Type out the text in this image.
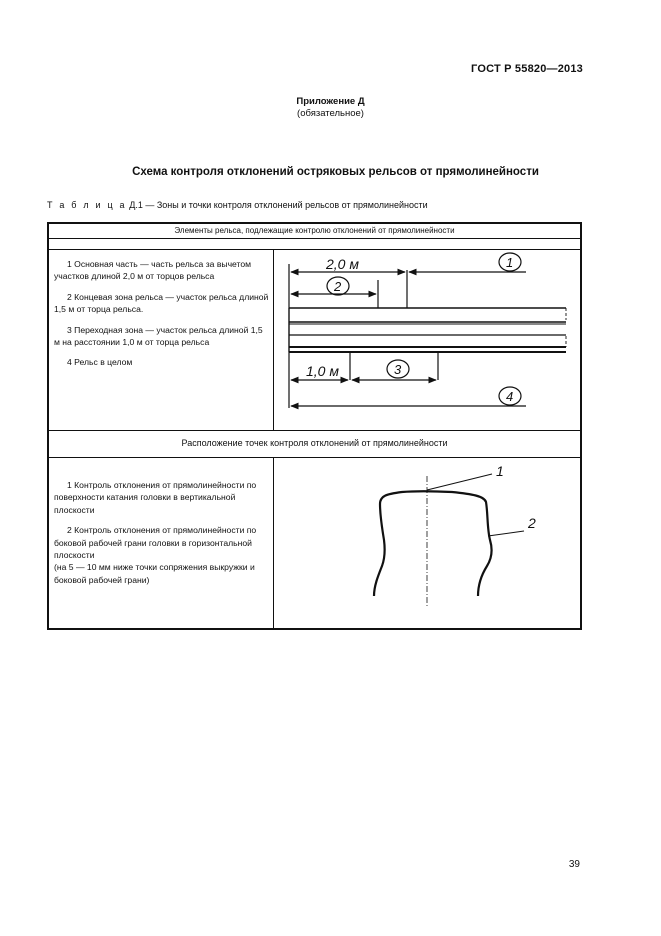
ГОСТ Р 55820—2013
Приложение Д
(обязательное)
Схема контроля отклонений остряковых рельсов от прямолинейности
Т а б л и ц а Д.1 — Зоны и точки контроля отклонений рельсов от прямолинейности
Элементы рельса, подлежащие контролю отклонений от прямолинейности
Расположение точек контроля отклонений от прямолинейности

1 Основная часть — часть рельса за вычетом участков длиной 2,0 м от торцов рельса

2 Концевая зона рельса — участок рельса длиной 1,5 м от торца рельса.

3 Переходная зона — участок рельса длиной 1,5 м на расстоянии 1,0 м от торца рельса

4 Рельс в целом

1 Контроль отклонения от прямолинейности по поверхности катания головки в вертикальной плоскости

2 Контроль отклонения от прямолинейности по боковой рабочей грани головки в горизонтальной плоскости

(на 5 — 10 мм ниже точки сопряжения выкружки и боковой рабочей грани)

2,0 м
1,0 м
1
2
3
4
1
2
39
